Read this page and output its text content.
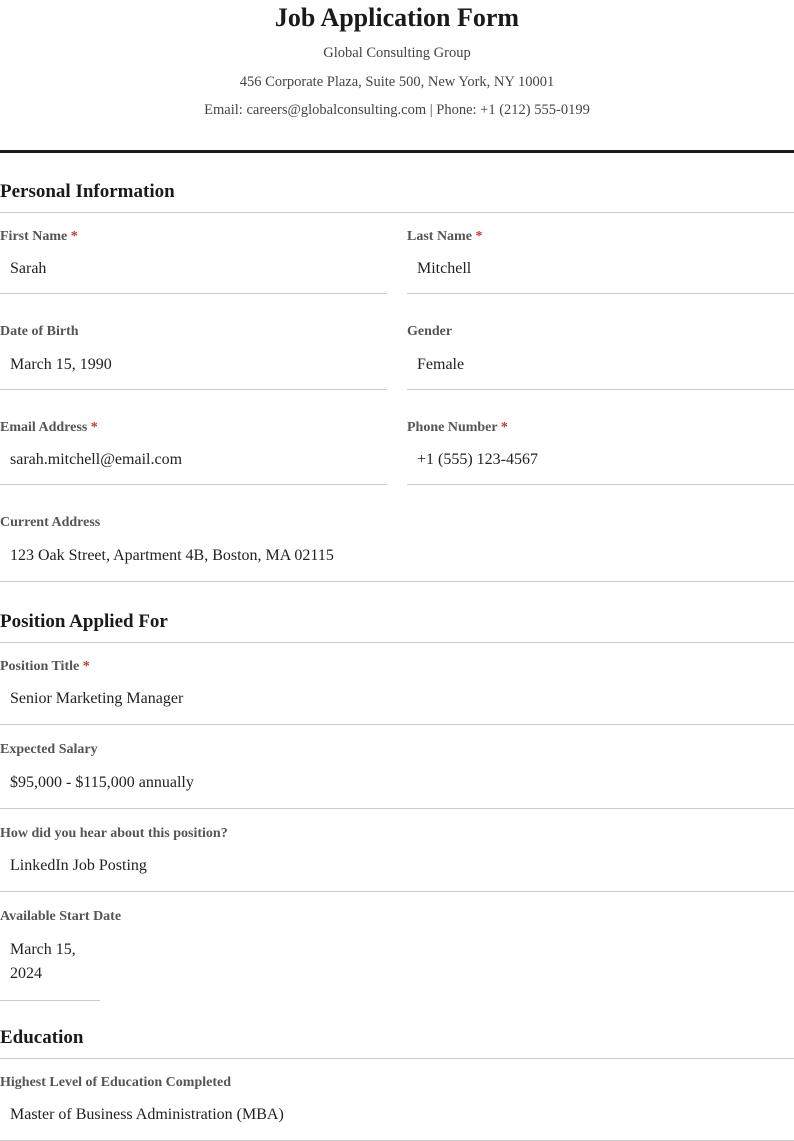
Job Application Form
Global Consulting Group
456 Corporate Plaza, Suite 500, New York, NY 10001
Email: careers@globalconsulting.com | Phone: +1 (212) 555-0199
Personal Information
First Name *
Sarah
Last Name *
Mitchell
Date of Birth
March 15, 1990
Gender
Female
Email Address *
sarah.mitchell@email.com
Phone Number *
+1 (555) 123-4567
Current Address
123 Oak Street, Apartment 4B, Boston, MA 02115
Position Applied For
Position Title *
Senior Marketing Manager
Expected Salary
$95,000 - $115,000 annually
How did you hear about this position?
LinkedIn Job Posting
Available Start Date
March 15, 2024
Education
Highest Level of Education Completed
Master of Business Administration (MBA)
